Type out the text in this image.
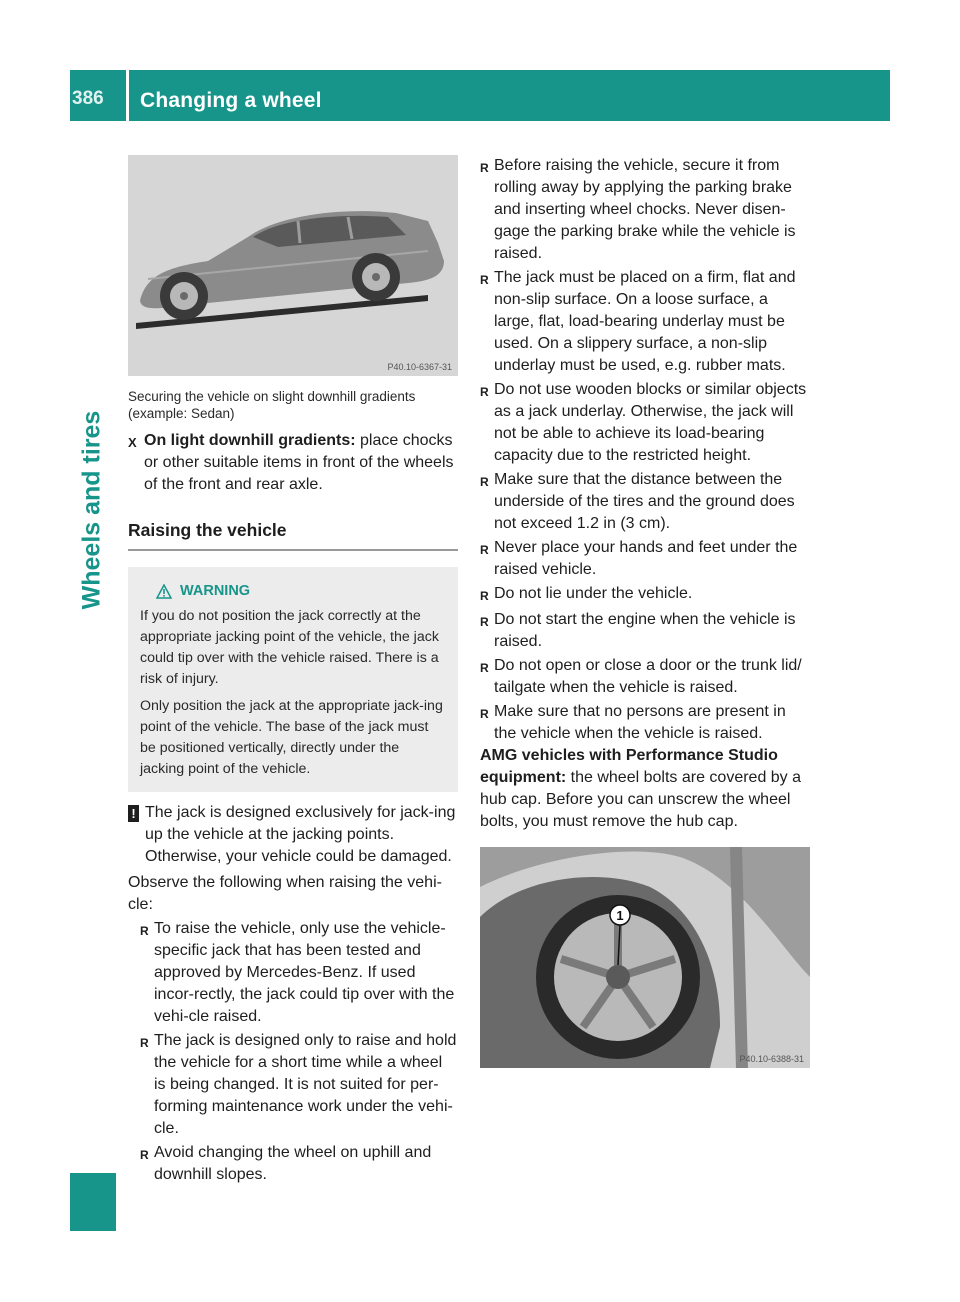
386	Changing a wheel
Wheels and tires
P40.10-6367-31

Securing the vehicle on slight downhill gradients (example: Sedan)

X On light downhill gradients: place chocks or other suitable items in front of the wheels of the front and rear axle.
Raising the vehicle
WARNING

If you do not position the jack correctly at the appropriate jacking point of the vehicle, the jack could tip over with the vehicle raised. There is a risk of injury.

Only position the jack at the appropriate jack-ing point of the vehicle. The base of the jack must be positioned vertically, directly under the jacking point of the vehicle.

! The jack is designed exclusively for jack-ing up the vehicle at the jacking points. Otherwise, your vehicle could be damaged.

Observe the following when raising the vehi-cle:

R To raise the vehicle, only use the vehicle-specific jack that has been tested and approved by Mercedes-Benz. If used incor-rectly, the jack could tip over with the vehi-cle raised.
R The jack is designed only to raise and hold the vehicle for a short time while a wheel is being changed. It is not suited for per-forming maintenance work under the vehi-cle.
R Avoid changing the wheel on uphill and downhill slopes.
R Before raising the vehicle, secure it from rolling away by applying the parking brake and inserting wheel chocks. Never disen-gage the parking brake while the vehicle is raised.
R The jack must be placed on a firm, flat and non-slip surface. On a loose surface, a large, flat, load-bearing underlay must be used. On a slippery surface, a non-slip underlay must be used, e.g. rubber mats.
R Do not use wooden blocks or similar objects as a jack underlay. Otherwise, the jack will not be able to achieve its load-bearing capacity due to the restricted height.
R Make sure that the distance between the underside of the tires and the ground does not exceed 1.2 in (3 cm).
R Never place your hands and feet under the raised vehicle.
R Do not lie under the vehicle.
R Do not start the engine when the vehicle is raised.
R Do not open or close a door or the trunk lid/ tailgate when the vehicle is raised.
R Make sure that no persons are present in the vehicle when the vehicle is raised.

AMG vehicles with Performance Studio equipment: the wheel bolts are covered by a hub cap. Before you can unscrew the wheel bolts, you must remove the hub cap.

1
P40.10-6388-31
